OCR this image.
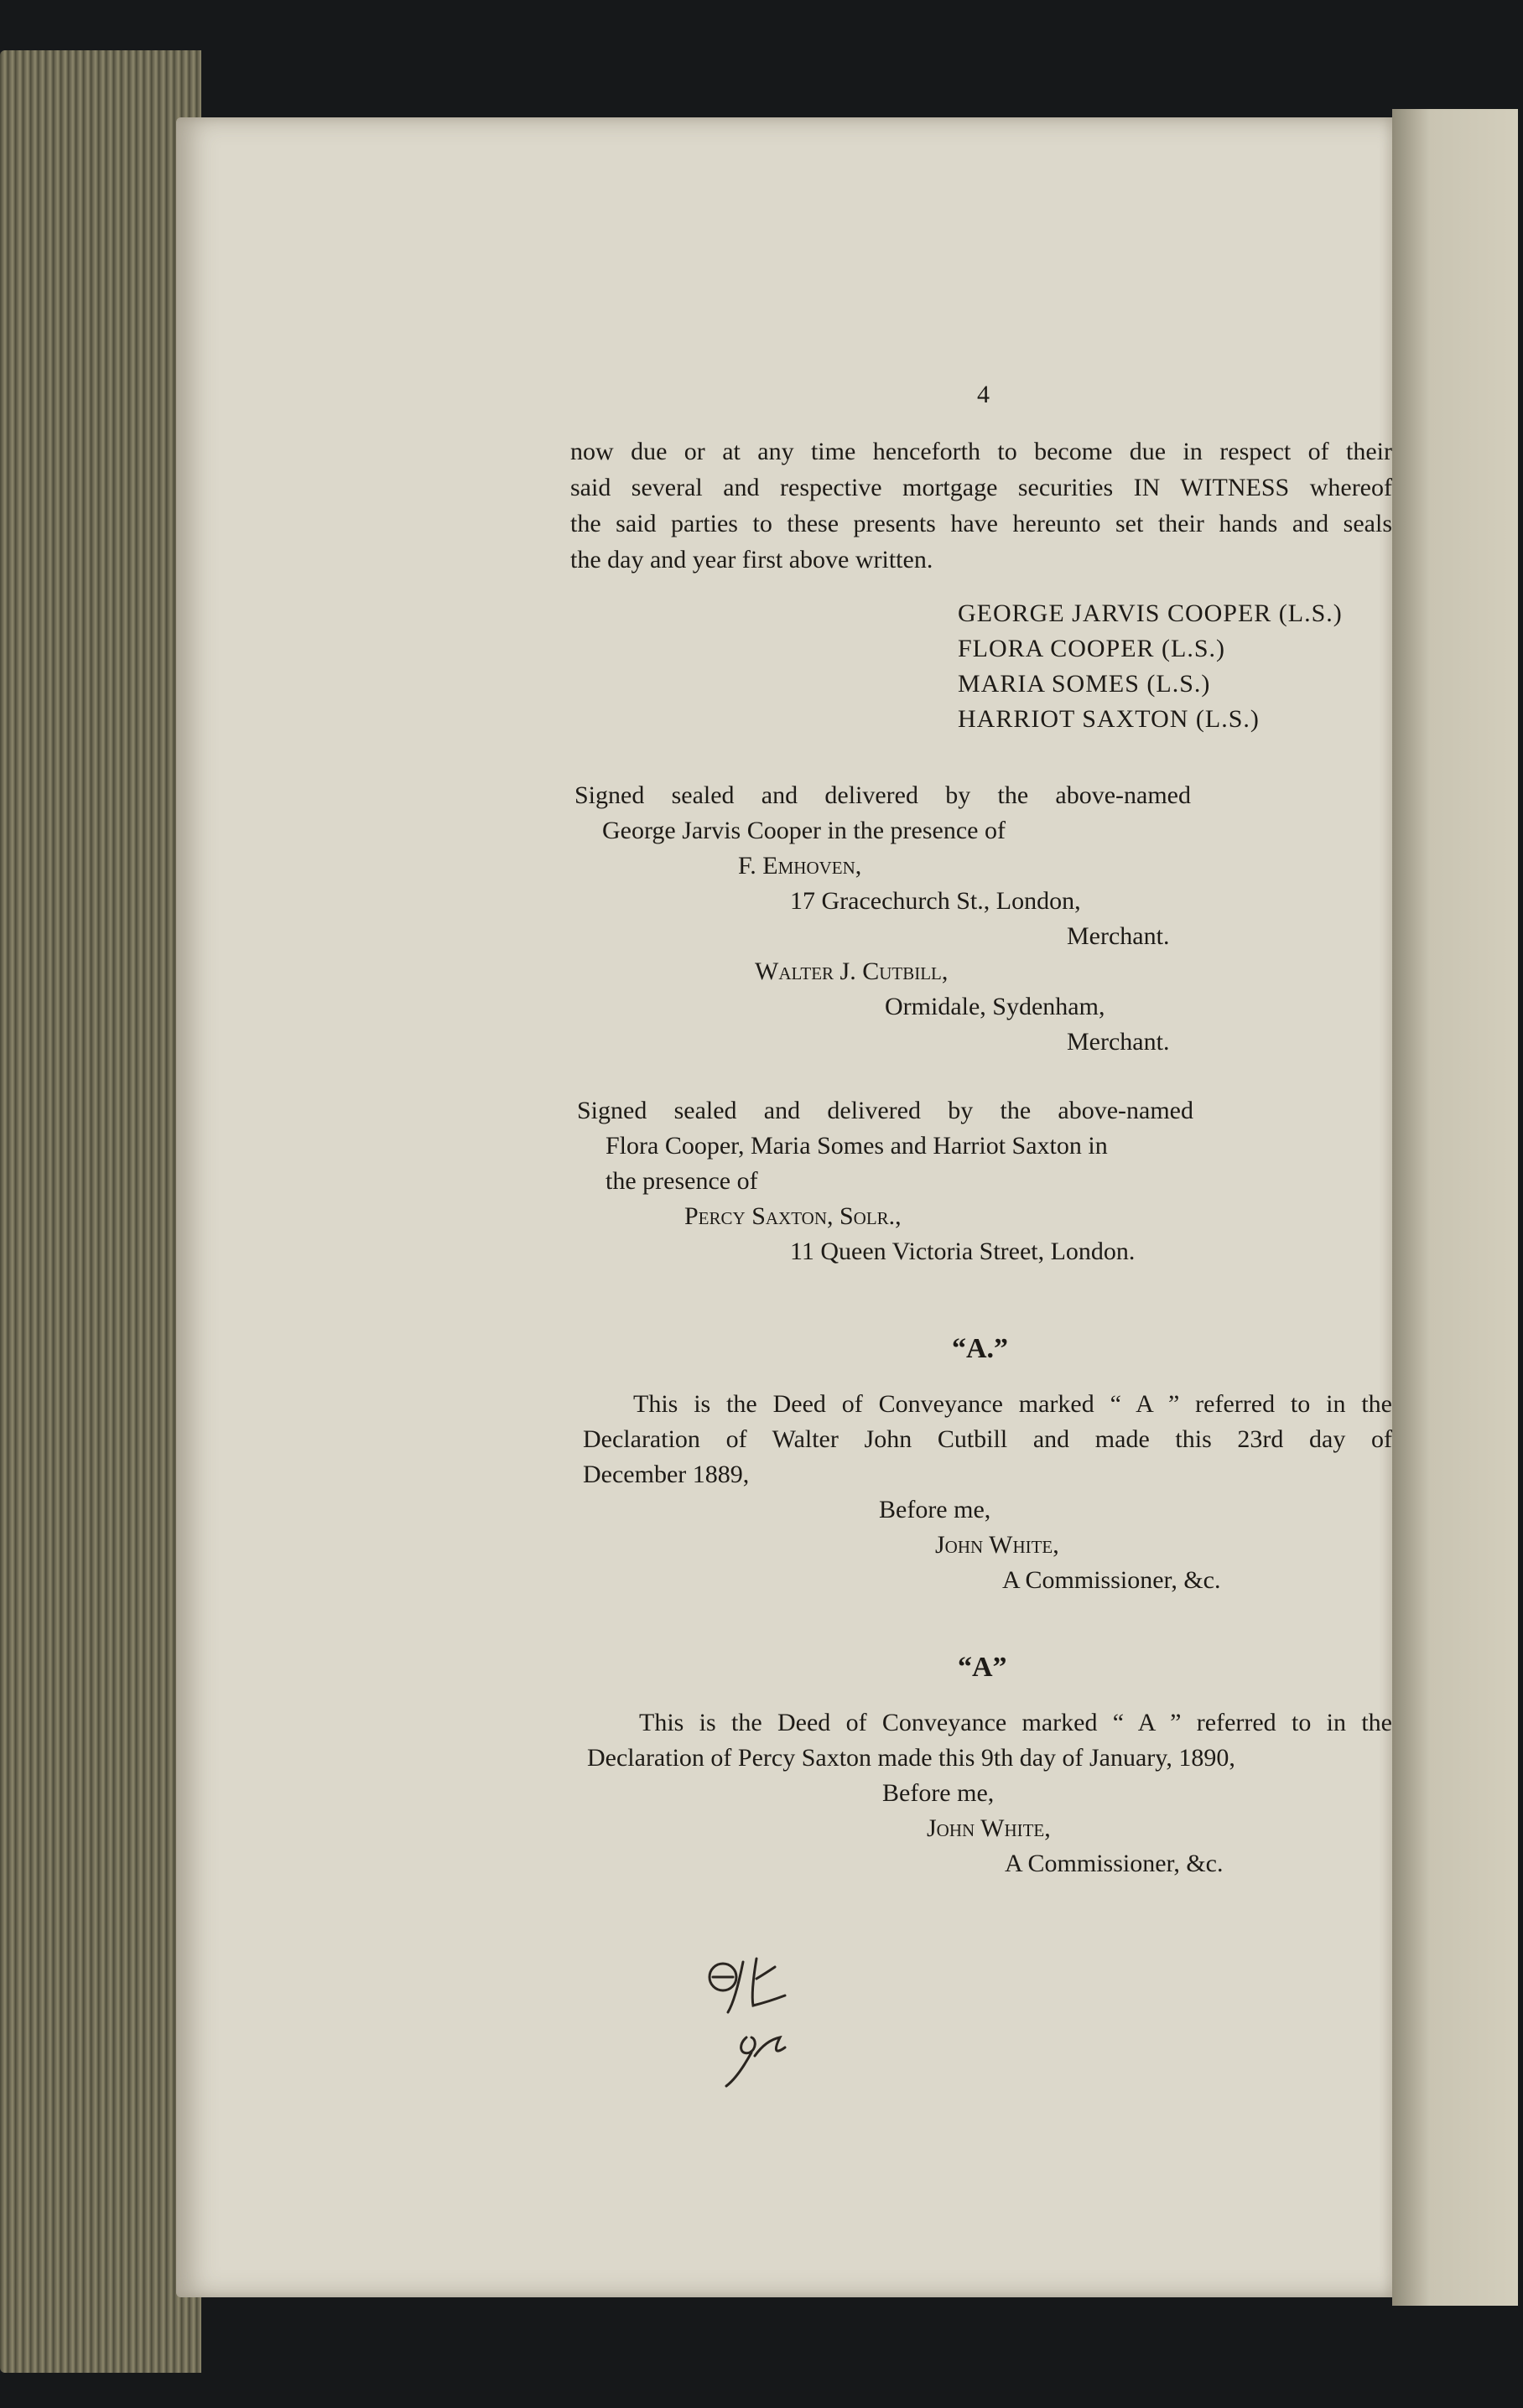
4
now due or at any time henceforth to become due in respect of their
said several and respective mortgage securities IN WITNESS whereof
the said parties to these presents have hereunto set their hands and seals
the day and year first above written.
GEORGE JARVIS COOPER (L.S.)
FLORA COOPER (L.S.)
MARIA SOMES (L.S.)
HARRIOT SAXTON (L.S.)
Signed sealed and delivered by the above-named
George Jarvis Cooper in the presence of
F. Emhoven,
17 Gracechurch St., London,
Merchant.
Walter J. Cutbill,
Ormidale, Sydenham,
Merchant.
Signed sealed and delivered by the above-named
Flora Cooper, Maria Somes and Harriot Saxton in
the presence of
Percy Saxton, Solr.,
11 Queen Victoria Street, London.
“A.”
This is the Deed of Conveyance marked “ A ” referred to in the
Declaration of Walter John Cutbill and made this 23rd day of
December 1889,
Before me,
John White,
A Commissioner, &c.
“A”
This is the Deed of Conveyance marked “ A ” referred to in the
Declaration of Percy Saxton made this 9th day of January, 1890,
Before me,
John White,
A Commissioner, &c.
